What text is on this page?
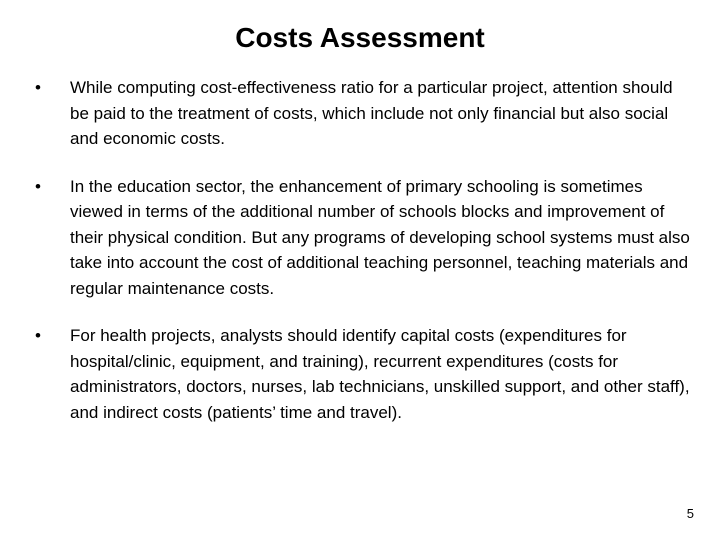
Costs Assessment
• While computing cost-effectiveness ratio for a particular project, attention should be paid to the treatment of costs, which include not only financial but also social and economic costs.
• In the education sector, the enhancement of primary schooling is sometimes viewed in terms of the additional number of schools blocks and improvement of their physical condition. But any programs of developing school systems must also take into account the cost of additional teaching personnel, teaching materials and regular maintenance costs.
• For health projects, analysts should identify capital costs (expenditures for hospital/clinic, equipment, and training), recurrent expenditures (costs for administrators, doctors, nurses, lab technicians, unskilled support, and other staff), and indirect costs (patients’ time and travel).
5
